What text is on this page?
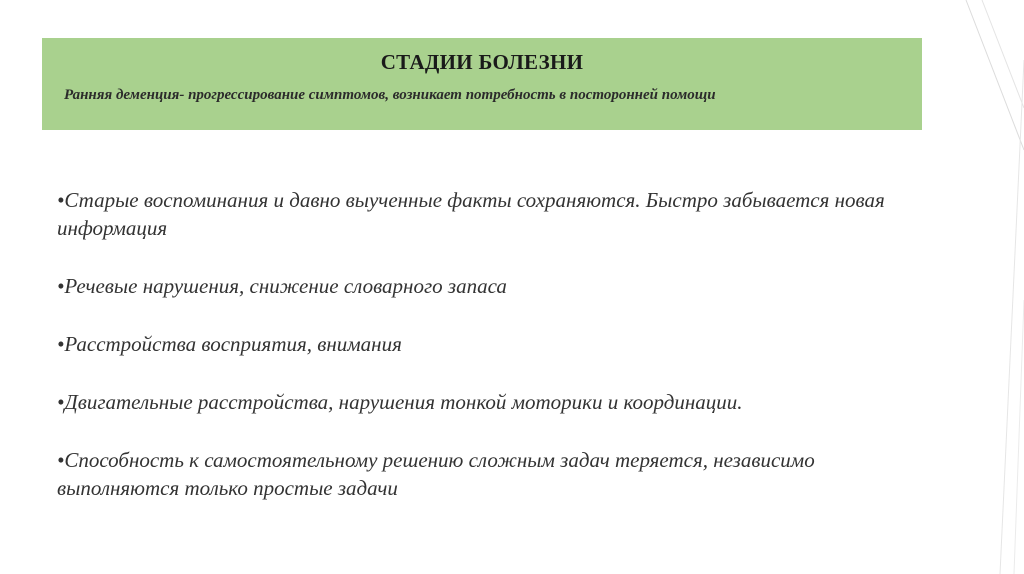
СТАДИИ БОЛЕЗНИ

Ранняя деменция- прогрессирование симптомов, возникает потребность в посторонней помощи

•Старые воспоминания и давно выученные факты сохраняются. Быстро забывается новая информация
•Речевые нарушения, снижение словарного запаса
•Расстройства восприятия, внимания
•Двигательные расстройства, нарушения тонкой моторики и координации.
•Способность к самостоятельному решению сложным задач теряется, независимо выполняются только простые задачи
